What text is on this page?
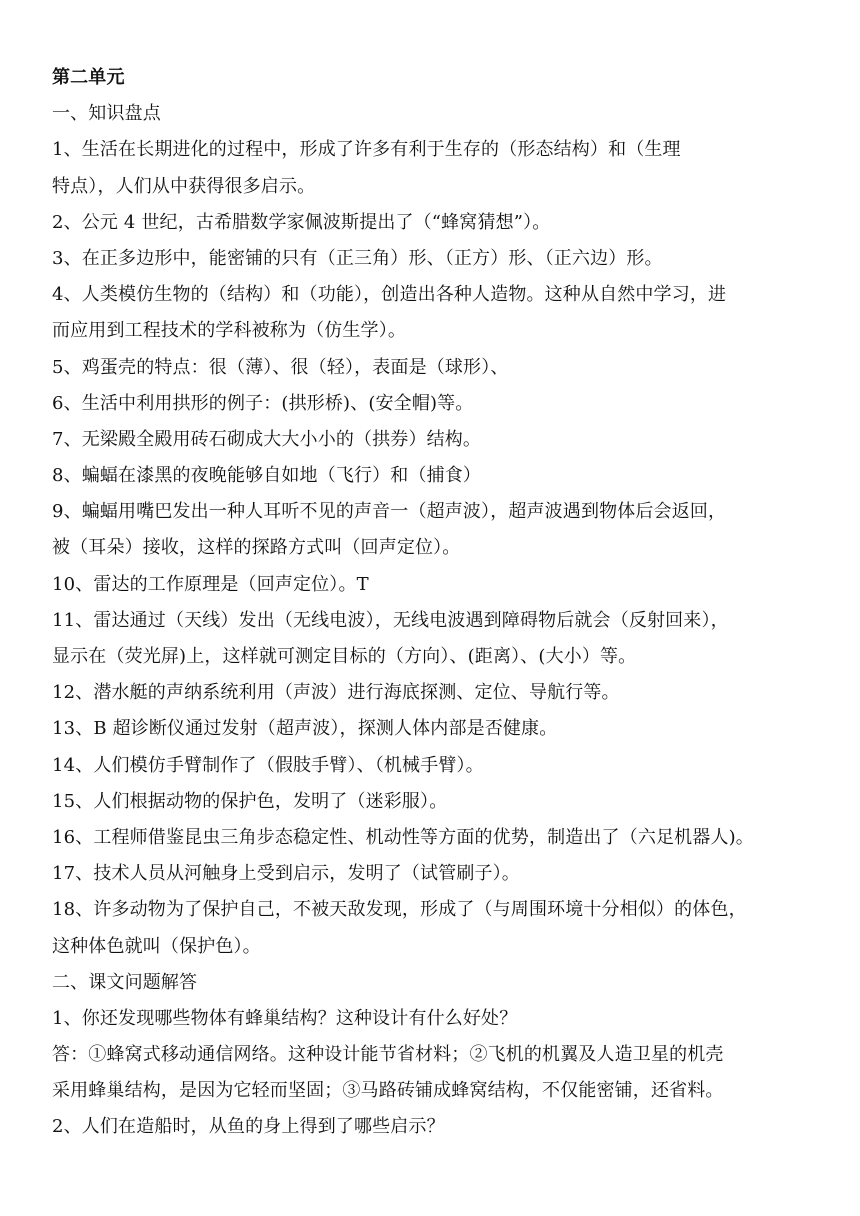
第二单元
一、知识盘点
1、生活在长期进化的过程中，形成了许多有利于生存的（形态结构）和（生理
特点），人们从中获得很多启示。
2、公元 4 世纪，古希腊数学家佩波斯提出了（“蜂窝猜想”）。
3、在正多边形中，能密铺的只有（正三角）形、（正方）形、（正六边）形。
4、人类模仿生物的（结构）和（功能），创造出各种人造物。这种从自然中学习，进
而应用到工程技术的学科被称为（仿生学）。
5、鸡蛋壳的特点：很（薄）、很（轻），表面是（球形）、
6、生活中利用拱形的例子：(拱形桥)、(安全帽)等。
7、无梁殿全殿用砖石砌成大大小小的（拱券）结构。
8、蝙蝠在漆黑的夜晚能够自如地（飞行）和（捕食）
9、蝙蝠用嘴巴发出一种人耳听不见的声音一（超声波），超声波遇到物体后会返回，
被（耳朵）接收，这样的探路方式叫（回声定位）。
10、雷达的工作原理是（回声定位）。T
11、雷达通过（天线）发出（无线电波），无线电波遇到障碍物后就会（反射回来），
显示在（荧光屏)上，这样就可测定目标的（方向）、(距离）、(大小）等。
12、潜水艇的声纳系统利用（声波）进行海底探测、定位、导航行等。
13、B 超诊断仪通过发射（超声波），探测人体内部是否健康。
14、人们模仿手臂制作了（假肢手臂）、（机械手臂）。
15、人们根据动物的保护色，发明了（迷彩服）。
16、工程师借鉴昆虫三角步态稳定性、机动性等方面的优势，制造出了（六足机器人)。
17、技术人员从河触身上受到启示，发明了（试管刷子）。
18、许多动物为了保护自己，不被天敌发现，形成了（与周围环境十分相似）的体色，
这种体色就叫（保护色）。
二、课文问题解答
1、你还发现哪些物体有蜂巢结构？这种设计有什么好处？
答：①蜂窝式移动通信网络。这种设计能节省材料；②飞机的机翼及人造卫星的机壳
采用蜂巢结构，是因为它轻而坚固；③马路砖铺成蜂窝结构，不仅能密铺，还省料。
2、人们在造船时，从鱼的身上得到了哪些启示？
